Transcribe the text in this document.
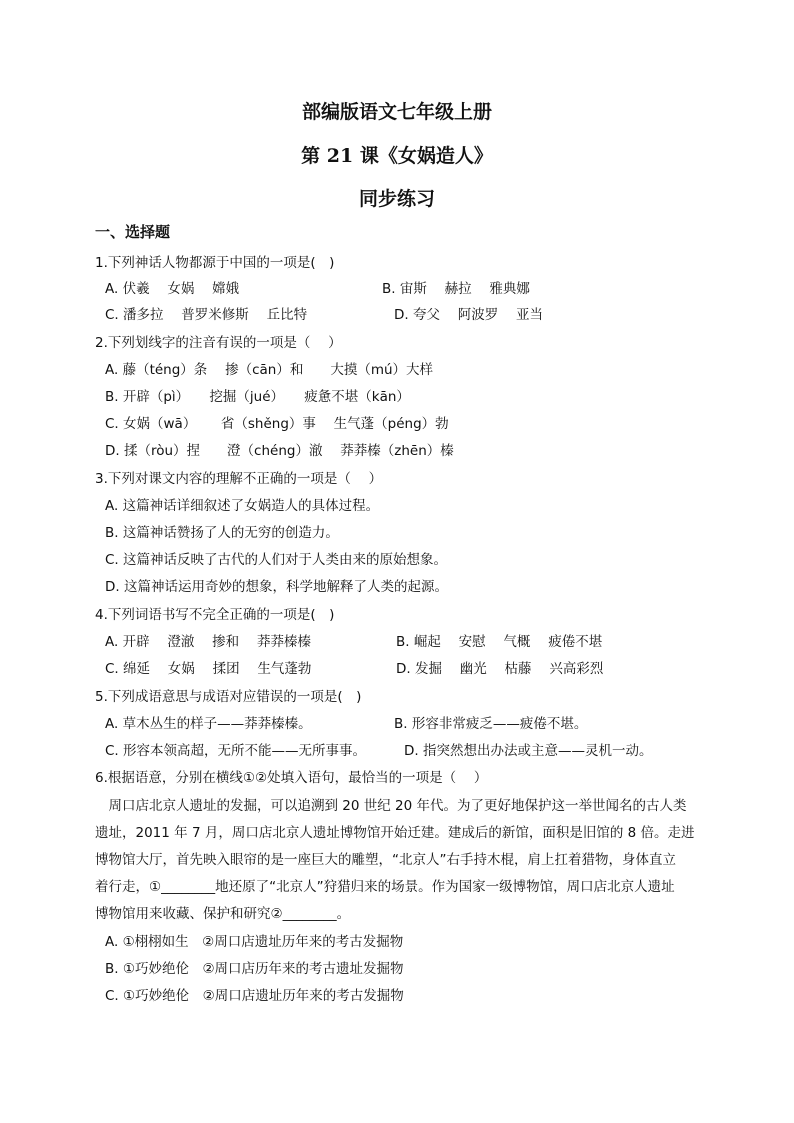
部编版语文七年级上册
第 21 课《女娲造人》
同步练习
一、选择题
1.下列神话人物都源于中国的一项是(　)
A. 伏羲　 女娲　 嫦娥	B. 宙斯　 赫拉　 雅典娜
C. 潘多拉　 普罗米修斯　 丘比特	D. 夸父　 阿波罗　 亚当
2.下列划线字的注音有误的一项是（　 ）
A. 藤（téng）条　 掺（cān）和　　大摸（mú）大样
B. 开辟（pì）　　挖掘（jué）　　疲惫不堪（kān）
C. 女娲（wā）　　 省（shěng）事　 生气蓬（péng）勃
D. 揉（ròu）捏　　澄（chéng）澈　 莽莽榛（zhēn）榛
3.下列对课文内容的理解不正确的一项是（　 ）
A. 这篇神话详细叙述了女娲造人的具体过程。
B. 这篇神话赞扬了人的无穷的创造力。
C. 这篇神话反映了古代的人们对于人类由来的原始想象。
D. 这篇神话运用奇妙的想象，科学地解释了人类的起源。
4.下列词语书写不完全正确的一项是(　)
A. 开辟　 澄澈　 掺和　 莽莽榛榛	B. 崛起　 安慰　 气概　 疲倦不堪
C. 绵延　 女娲　 揉团　 生气蓬勃	D. 发掘　 幽光　 枯藤　 兴高彩烈
5.下列成语意思与成语对应错误的一项是(　)
A. 草木丛生的样子——莽莽榛榛。	B. 形容非常疲乏——疲倦不堪。
C. 形容本领高超，无所不能——无所事事。	D. 指突然想出办法或主意——灵机一动。
6.根据语意，分别在横线①②处填入语句，最恰当的一项是（　 ）
　周口店北京人遗址的发掘，可以追溯到 20 世纪 20 年代。为了更好地保护这一举世闻名的古人类
遗址，2011 年 7 月，周口店北京人遗址博物馆开始迁建。建成后的新馆，面积是旧馆的 8 倍。走进
博物馆大厅，首先映入眼帘的是一座巨大的雕塑，“北京人”右手持木棍，肩上扛着猎物，身体直立
着行走，①________地还原了“北京人”狩猎归来的场景。作为国家一级博物馆，周口店北京人遗址
博物馆用来收藏、保护和研究②________。
A. ①栩栩如生　②周口店遗址历年来的考古发掘物
B. ①巧妙绝伦　②周口店历年来的考古遗址发掘物
C. ①巧妙绝伦　②周口店遗址历年来的考古发掘物
